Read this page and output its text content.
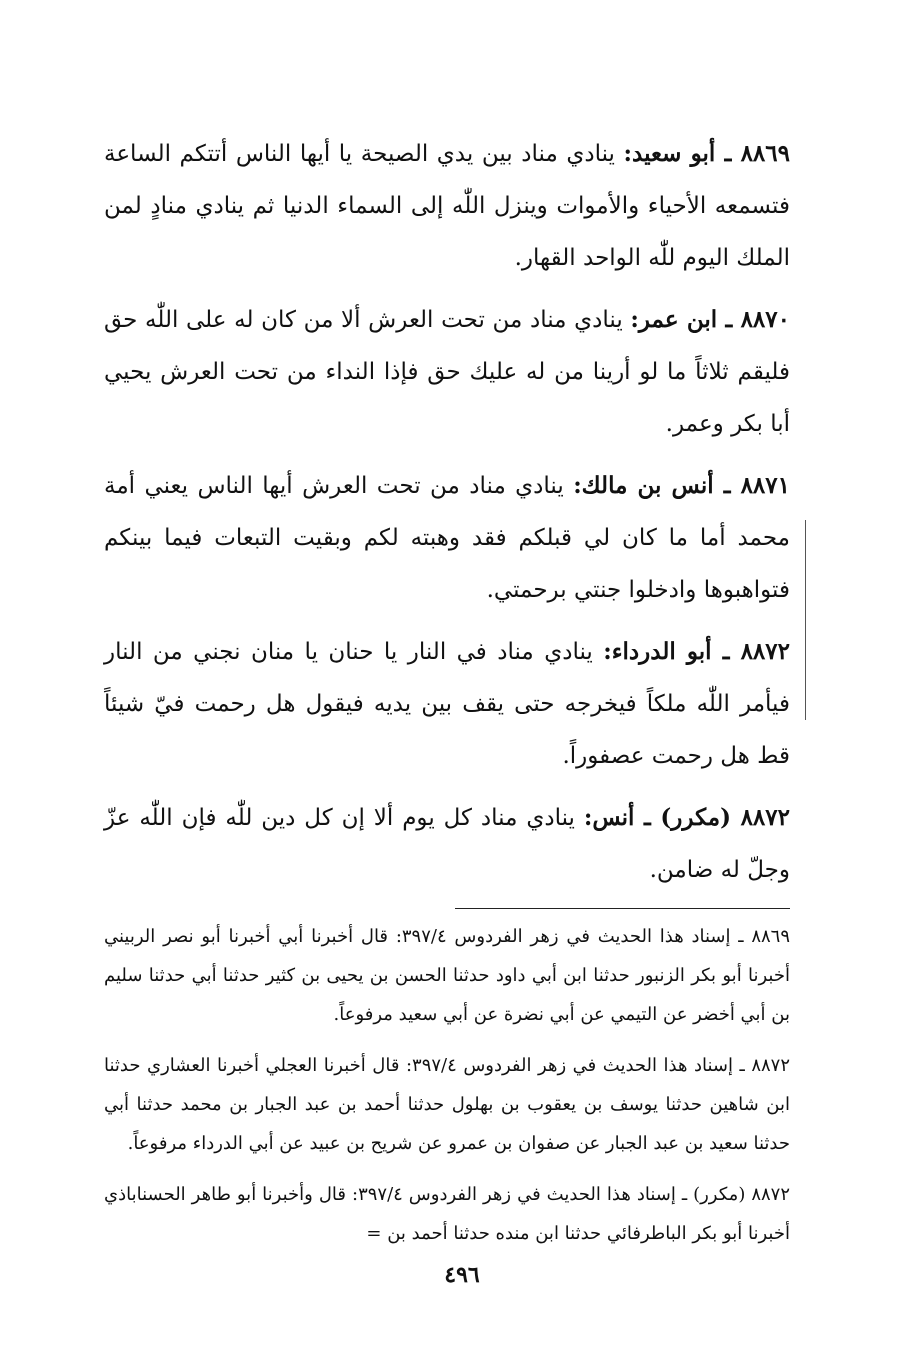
٨٨٦٩ ـ أبو سعيد: ينادي مناد بين يدي الصيحة يا أيها الناس أتتكم الساعة فتسمعه الأحياء والأموات وينزل اللّٰه إلى السماء الدنيا ثم ينادي منادٍ لمن الملك اليوم للّٰه الواحد القهار.

٨٨٧٠ ـ ابن عمر: ينادي مناد من تحت العرش ألا من كان له على اللّٰه حق فليقم ثلاثاً ما لو أرينا من له عليك حق فإذا النداء من تحت العرش يحيي أبا بكر وعمر.

٨٨٧١ ـ أنس بن مالك: ينادي مناد من تحت العرش أيها الناس يعني أمة محمد أما ما كان لي قبلكم فقد وهبته لكم وبقيت التبعات فيما بينكم فتواهبوها وادخلوا جنتي برحمتي.

٨٨٧٢ ـ أبو الدرداء: ينادي مناد في النار يا حنان يا منان نجني من النار فيأمر اللّٰه ملكاً فيخرجه حتى يقف بين يديه فيقول هل رحمت فيّ شيئاً قط هل رحمت عصفوراً.

٨٨٧٢ (مكرر) ـ أنس: ينادي مناد كل يوم ألا إن كل دين للّٰه فإن اللّٰه عزّ وجلّ له ضامن.

٨٨٦٩ ـ إسناد هذا الحديث في زهر الفردوس ٣٩٧/٤: قال أخبرنا أبي أخبرنا أبو نصر الربيني أخبرنا أبو بكر الزنبور حدثنا ابن أبي داود حدثنا الحسن بن يحيى بن كثير حدثنا أبي حدثنا سليم بن أبي أخضر عن التيمي عن أبي نضرة عن أبي سعيد مرفوعاً.

٨٨٧٢ ـ إسناد هذا الحديث في زهر الفردوس ٣٩٧/٤: قال أخبرنا العجلي أخبرنا العشاري حدثنا ابن شاهين حدثنا يوسف بن يعقوب بن بهلول حدثنا أحمد بن عبد الجبار بن محمد حدثنا أبي حدثنا سعيد بن عبد الجبار عن صفوان بن عمرو عن شريح بن عبيد عن أبي الدرداء مرفوعاً.

٨٨٧٢ (مكرر) ـ إسناد هذا الحديث في زهر الفردوس ٣٩٧/٤: قال وأخبرنا أبو طاهر الحسناباذي أخبرنا أبو بكر الباطرفائي حدثنا ابن منده حدثنا أحمد بن =

٤٩٦
